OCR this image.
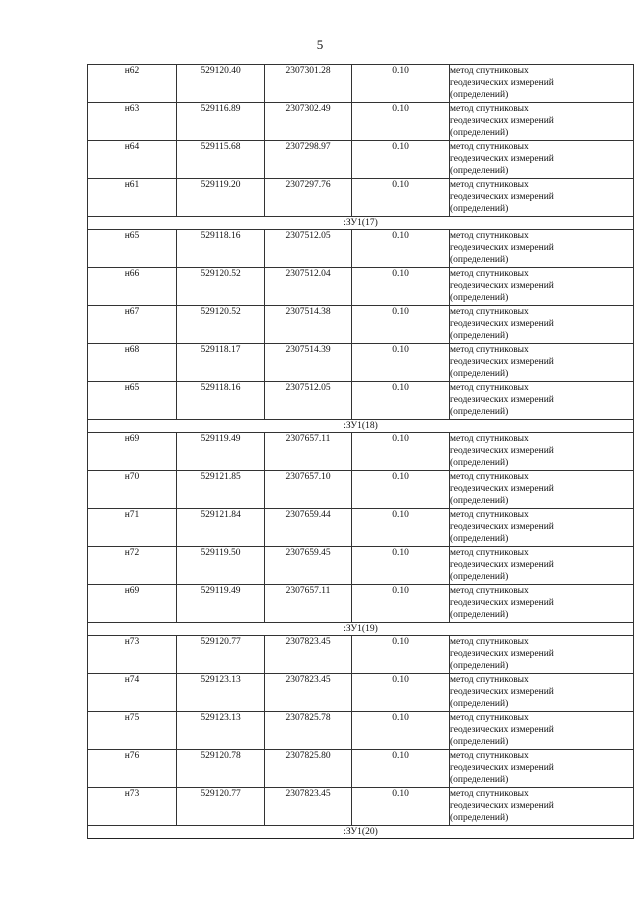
5
н62	529120.40	2307301.28	0.10	метод спутниковых
геодезических измерений
(определений)

н63	529116.89	2307302.49	0.10	метод спутниковых
геодезических измерений
(определений)

н64	529115.68	2307298.97	0.10	метод спутниковых
геодезических измерений
(определений)

н61	529119.20	2307297.76	0.10	метод спутниковых
геодезических измерений
(определений)

:ЗУ1(17)				
н65	529118.16	2307512.05	0.10	метод спутниковых
геодезических измерений
(определений)

н66	529120.52	2307512.04	0.10	метод спутниковых
геодезических измерений
(определений)

н67	529120.52	2307514.38	0.10	метод спутниковых
геодезических измерений
(определений)

н68	529118.17	2307514.39	0.10	метод спутниковых
геодезических измерений
(определений)

н65	529118.16	2307512.05	0.10	метод спутниковых
геодезических измерений
(определений)

:ЗУ1(18)				
н69	529119.49	2307657.11	0.10	метод спутниковых
геодезических измерений
(определений)

н70	529121.85	2307657.10	0.10	метод спутниковых
геодезических измерений
(определений)

н71	529121.84	2307659.44	0.10	метод спутниковых
геодезических измерений
(определений)

н72	529119.50	2307659.45	0.10	метод спутниковых
геодезических измерений
(определений)

н69	529119.49	2307657.11	0.10	метод спутниковых
геодезических измерений
(определений)

:ЗУ1(19)				
н73	529120.77	2307823.45	0.10	метод спутниковых
геодезических измерений
(определений)

н74	529123.13	2307823.45	0.10	метод спутниковых
геодезических измерений
(определений)

н75	529123.13	2307825.78	0.10	метод спутниковых
геодезических измерений
(определений)

н76	529120.78	2307825.80	0.10	метод спутниковых
геодезических измерений
(определений)

н73	529120.77	2307823.45	0.10	метод спутниковых
геодезических измерений
(определений)

:ЗУ1(20)				
